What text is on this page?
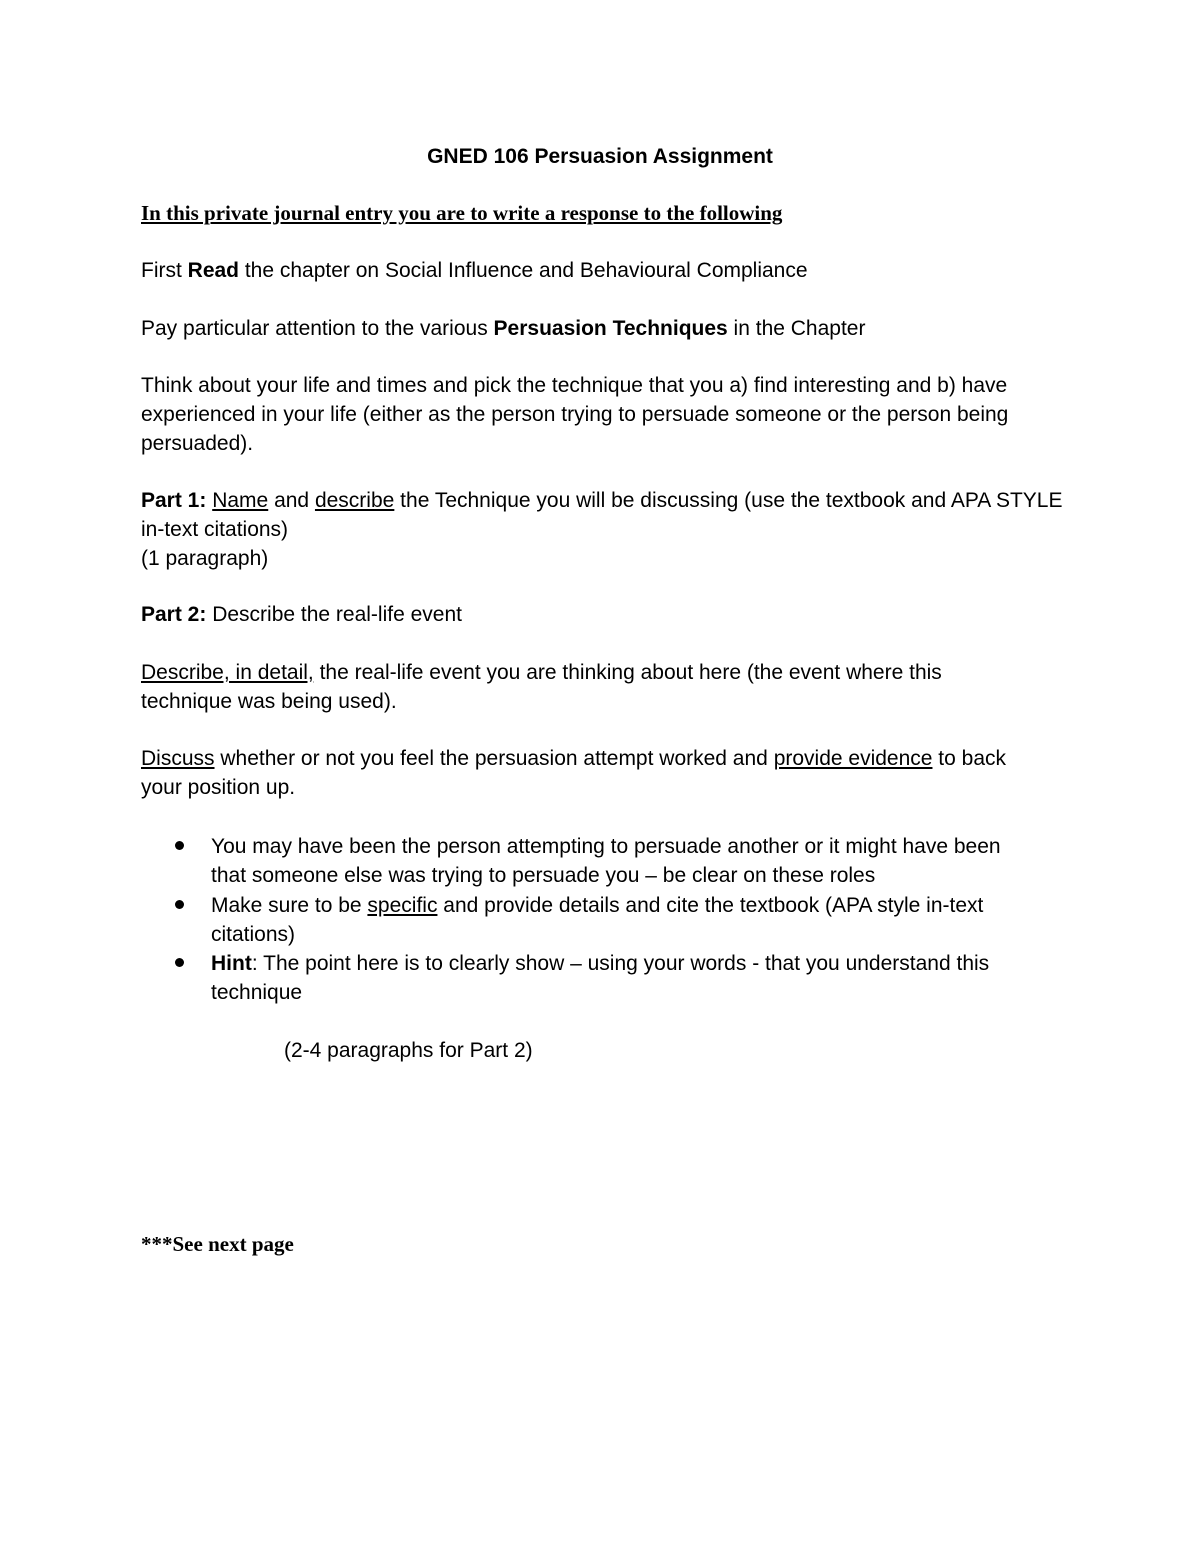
GNED 106 Persuasion Assignment
In this private journal entry you are to write a response to the following
First Read the chapter on Social Influence and Behavioural Compliance
Pay particular attention to the various Persuasion Techniques in the Chapter
Think about your life and times and pick the technique that you a) find interesting and b) have
experienced in your life (either as the person trying to persuade someone or the person being
persuaded).
Part 1: Name and describe the Technique you will be discussing (use the textbook and APA STYLE
in-text citations)
(1 paragraph)
Part 2: Describe the real-life event
Describe, in detail, the real-life event you are thinking about here (the event where this
technique was being used).
Discuss whether or not you feel the persuasion attempt worked and provide evidence to back
your position up.
You may have been the person attempting to persuade another or it might have been
that someone else was trying to persuade you – be clear on these roles
Make sure to be specific and provide details and cite the textbook (APA style in-text
citations)
Hint: The point here is to clearly show – using your words - that you understand this
technique
(2-4 paragraphs for Part 2)
***See next page
